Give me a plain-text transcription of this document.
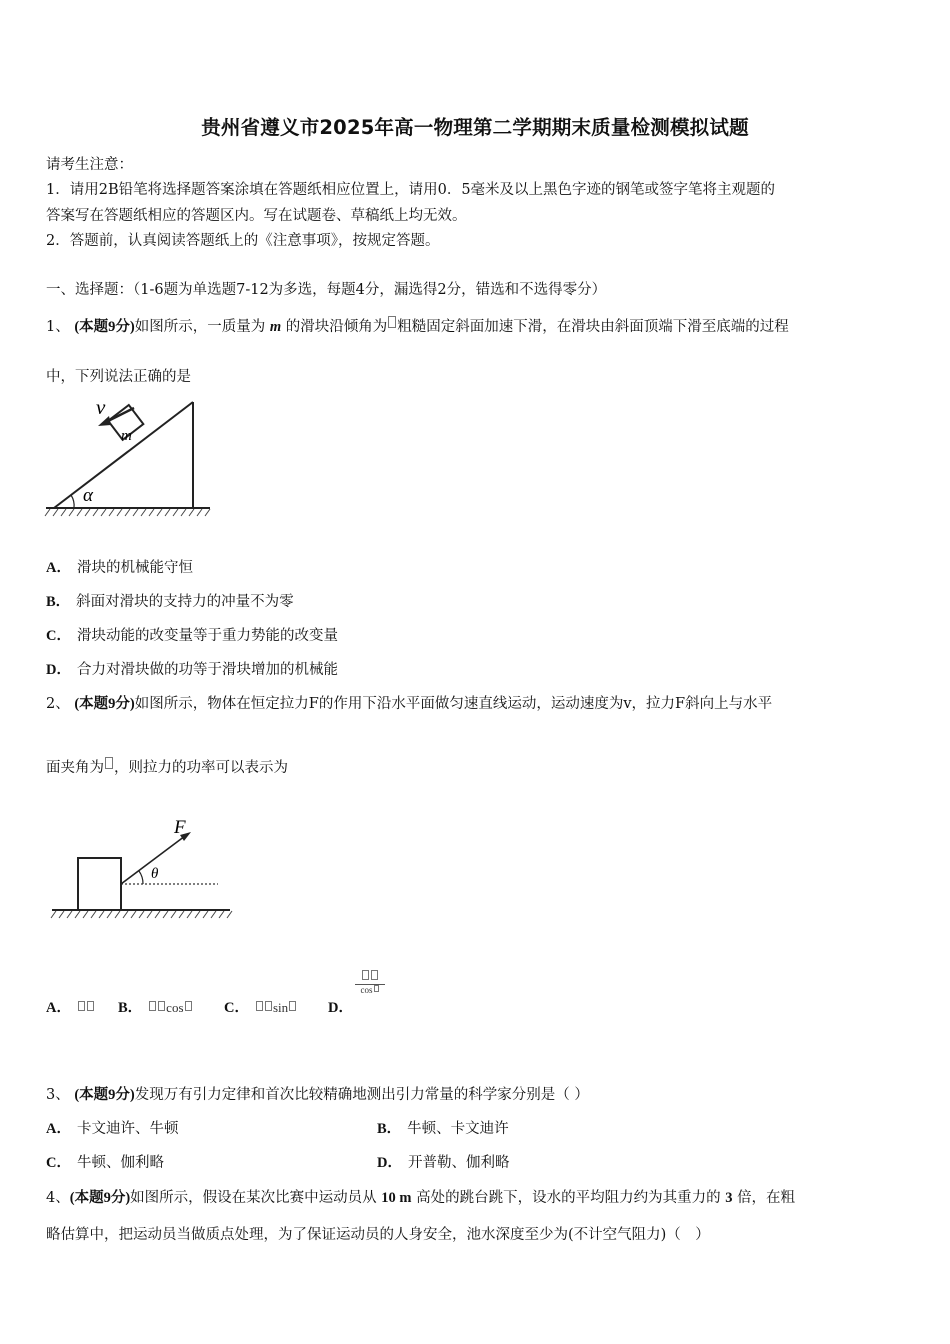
贵州省遵义市2025年高一物理第二学期期末质量检测模拟试题
请考生注意：
1．请用2B铅笔将选择题答案涂填在答题纸相应位置上，请用0．5毫米及以上黑色字迹的钢笔或签字笔将主观题的
答案写在答题纸相应的答题区内。写在试题卷、草稿纸上均无效。
2．答题前，认真阅读答题纸上的《注意事项》，按规定答题。
一、选择题：（1-6题为单选题7-12为多选，每题4分，漏选得2分，错选和不选得零分）
1、 (本题9分)如图所示，一质量为 m 的滑块沿倾角为 粗糙固定斜面加速下滑，在滑块由斜面顶端下滑至底端的过程
中，下列说法正确的是
m
v
α
A． 滑块的机械能守恒
B． 斜面对滑块的支持力的冲量不为零
C． 滑块动能的改变量等于重力势能的改变量
D． 合力对滑块做的功等于滑块增加的机械能
2、 (本题9分)如图所示，物体在恒定拉力F的作用下沿水平面做匀速直线运动，运动速度为v，拉力F斜向上与水平
面夹角为 ，则拉力的功率可以表示为
F
θ
A．	B． cos	C． sin	D．
cos
3、 (本题9分)发现万有引力定律和首次比较精确地测出引力常量的科学家分别是（ ）
A． 卡文迪许、牛顿	B． 牛顿、卡文迪许
C． 牛顿、伽利略	D． 开普勒、伽利略
4、(本题9分)如图所示，假设在某次比赛中运动员从 10 m 高处的跳台跳下，设水的平均阻力约为其重力的 3 倍，在粗
略估算中，把运动员当做质点处理，为了保证运动员的人身安全，池水深度至少为(不计空气阻力)（　）
